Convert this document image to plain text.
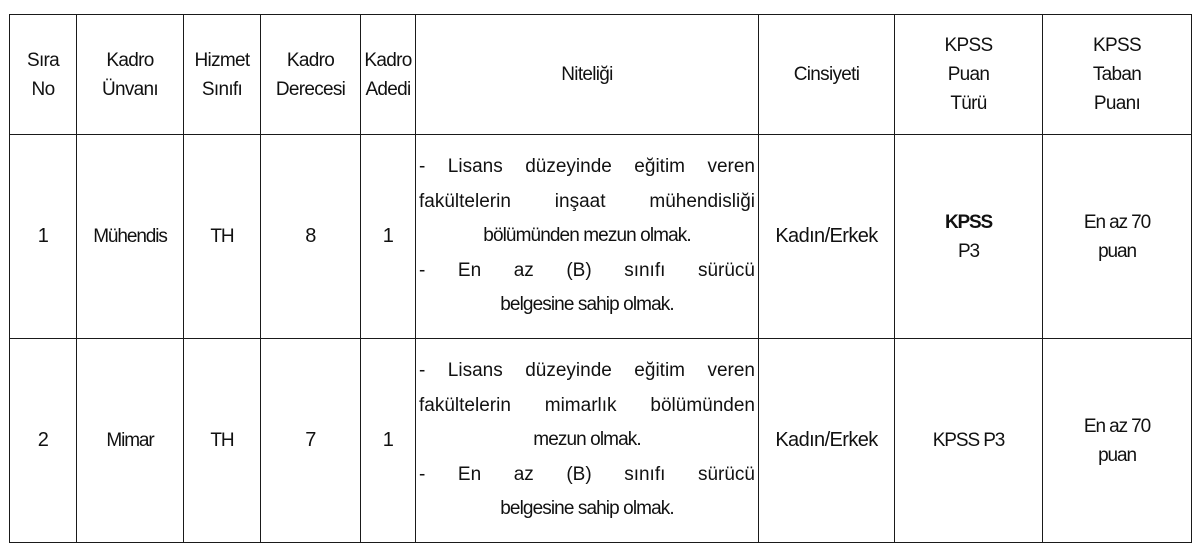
Sıra
No	Kadro
Ünvanı	Hizmet
Sınıfı	Kadro
Derecesi	Kadro
Adedi	Niteliği	Cinsiyeti	KPSS
Puan
Türü	KPSS
Taban
Puanı

1	Mühendis	TH	8	1	- Lisans düzeyinde eğitim veren
fakültelerin inşaat mühendisliği
bölümünden mezun olmak.
- En az (B) sınıfı sürücü
belgesine sahip olmak.	Kadın/Erkek	KPSS
P3	En az 70
puan

2	Mimar	TH	7	1	- Lisans düzeyinde eğitim veren
fakültelerin mimarlık bölümünden
mezun olmak.
- En az (B) sınıfı sürücü
belgesine sahip olmak.	Kadın/Erkek	KPSS P3	En az 70
puan
